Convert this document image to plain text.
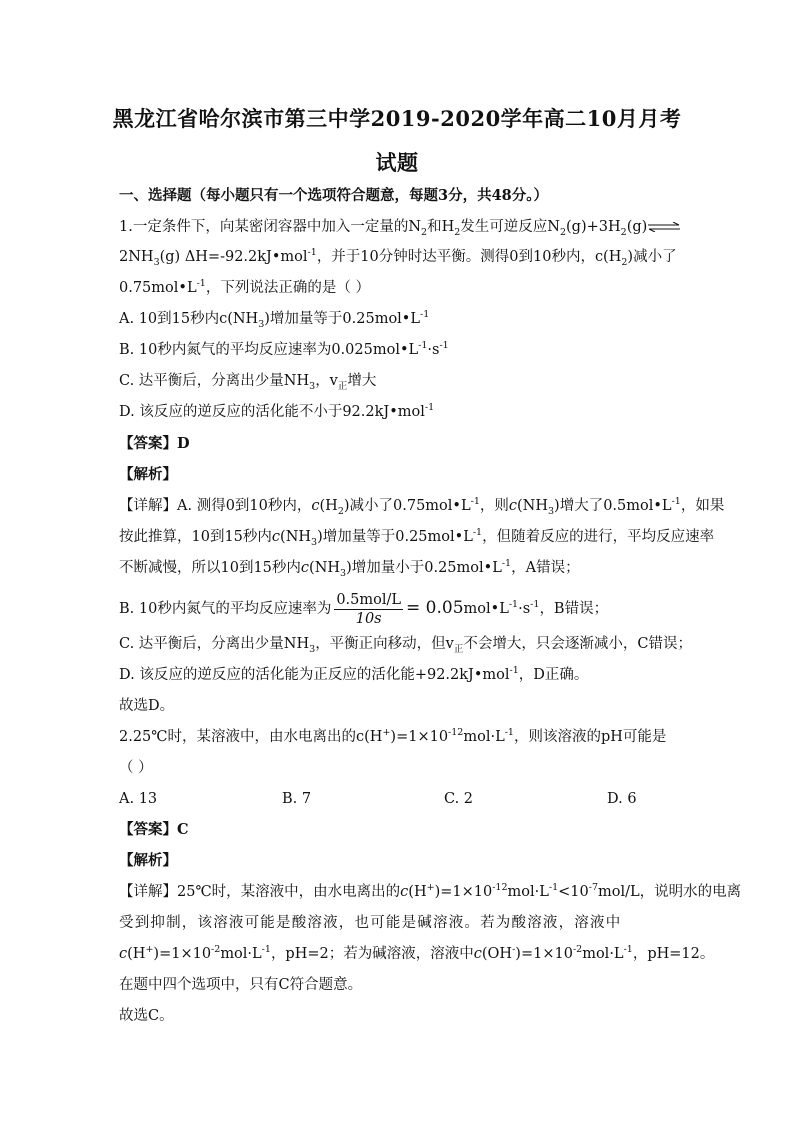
黑龙江省哈尔滨市第三中学2019-2020学年高二10月月考
试题
一、选择题（每小题只有一个选项符合题意，每题3分，共48分。）
1.一定条件下，向某密闭容器中加入一定量的$N_2$和$H_2$发生可逆反应$N_2(g)+3H_2(g)\rightleftharpoons$
$2NH_3(g)$ ΔH=-92.2kJ•mol$^{-1}$，并于10分钟时达平衡。测得0到10秒内，$c(H_2)$减小了
$0.75mol•L^{-1}$，下列说法正确的是（ ）
A. 10到15秒内$c(NH_3)$增加量等于$0.25mol•L^{-1}$
B. 10秒内氮气的平均反应速率为$0.025mol•L^{-1}\cdot s^{-1}$
C. 达平衡后，分离出少量$NH_3$，$v_正$增大
D. 该反应的逆反应的活化能不小于92.2kJ•mol$^{-1}$
【答案】D
【解析】
【详解】A. 测得0到10秒内，$c(H_2)$减小了$0.75mol•L^{-1}$，则$c(NH_3)$增大了$0.5mol•L^{-1}$，如果
按此推算，10到15秒内$c(NH_3)$增加量等于$0.25mol•L^{-1}$，但随着反应的进行，平均反应速率
不断减慢，所以10到15秒内$c(NH_3)$增加量小于$0.25mol•L^{-1}$，A错误；
B. 10秒内氮气的平均反应速率为 $\frac{\text{0.5mol/L}}{10s}$ = $0.05mol•L^{-1}\cdot s^{-1}$，B错误；
C. 达平衡后，分离出少量$NH_3$，平衡正向移动，但$v_正$不会增大，只会逐渐减小，C错误；
D. 该反应的逆反应的活化能为正反应的活化能+92.2kJ•mol$^{-1}$，D正确。
故选D。
2.25℃时，某溶液中，由水电离出的$c(H^+)=1\times 10^{-12}mol\cdot L^{-1}$，则该溶液的pH可能是
（ ）
A. 13	B. 7	C. 2	D. 6
【答案】C
【解析】
【详解】25℃时，某溶液中，由水电离出的$c(H^+)=1\times 10^{-12}mol\cdot L^{-1}<10^{-7}mol/L$，说明水的电离
受到抑制，该溶液可能是酸溶液，也可能是碱溶液。若为酸溶液，溶液中
$c(H^+)=1\times 10^{-2}mol\cdot L^{-1}$，pH=2；若为碱溶液，溶液中$c(OH^-)=1\times 10^{-2}mol\cdot L^{-1}$，pH=12。
在题中四个选项中，只有C符合题意。
故选C。
